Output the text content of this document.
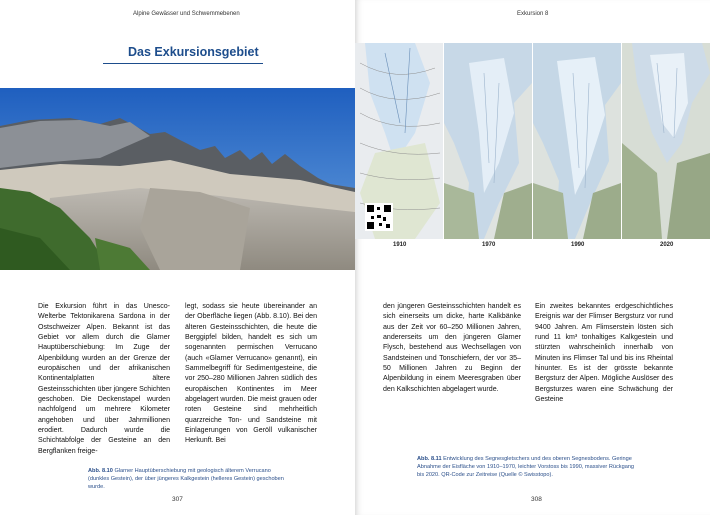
Alpine Gewässer und Schwemmebenen
Das Exkursionsgebiet
Die Exkursion führt in das Unesco-Welterbe Tektonikarena Sardona in der Ostschweizer Alpen. Bekannt ist das Gebiet vor allem durch die Glarner Hauptüberschiebung: Im Zuge der Alpenbildung wurden an der Grenze der europäischen und der afrikanischen Kontinentalplatten ältere Gesteinsschichten über jüngere Schichten geschoben. Die Deckenstapel wurden nachfolgend um mehrere Kilometer angehoben und über Jahrmillionen erodiert. Dadurch wurde die Schichtabfolge der Gesteine an den Bergflanken freige-
legt, sodass sie heute übereinander an der Oberfläche liegen (Abb. 8.10). Bei den älteren Gesteinsschichten, die heute die Berggipfel bilden, handelt es sich um sogenannten permischen Verrucano (auch «Glarner Verrucano» genannt), ein Sammelbegriff für Sedimentgesteine, die vor 250–280 Millionen Jahren südlich des europäischen Kontinentes im Meer abgelagert wurden. Die meist grauen oder roten Gesteine sind mehrheitlich quarzreiche Ton- und Sandsteine mit Einlagerungen von Geröll vulkanischer Herkunft. Bei
Abb. 8.10 Glarner Hauptüberschiebung mit geologisch älterem Verrucano (dunkles Gestein), der über jüngeres Kalkgestein (helleres Gestein) geschoben wurde.
307
Exkursion 8
1910	1970	1990	2020
den jüngeren Gesteinsschichten handelt es sich einerseits um dicke, harte Kalkbänke aus der Zeit vor 60–250 Millionen Jahren, andererseits um den jüngeren Glarner Flysch, bestehend aus Wechsellagen von Sandsteinen und Tonschiefern, der vor 35–50 Millionen Jahren zu Beginn der Alpenbildung in einem Meeresgraben über den Kalkschichten abgelagert wurde.
Ein zweites bekanntes erdgeschichtliches Ereignis war der Flimser Bergsturz vor rund 9400 Jahren. Am Flimserstein lösten sich rund 11 km³ tonhaltiges Kalkgestein und stürzten wahrscheinlich innerhalb von Minuten ins Flimser Tal und bis ins Rheintal hinunter. Es ist der grösste bekannte Bergsturz der Alpen. Mögliche Auslöser des Bergsturzes waren eine Schwächung der Gesteine
Abb. 8.11 Entwicklung des Segnesgletschers und des oberen Segnesbodens. Geringe Abnahme der Eisfläche von 1910–1970, leichter Vorstoss bis 1990, massiver Rückgang bis 2020. QR-Code zur Zeitreise (Quelle © Swisstopo).
308
